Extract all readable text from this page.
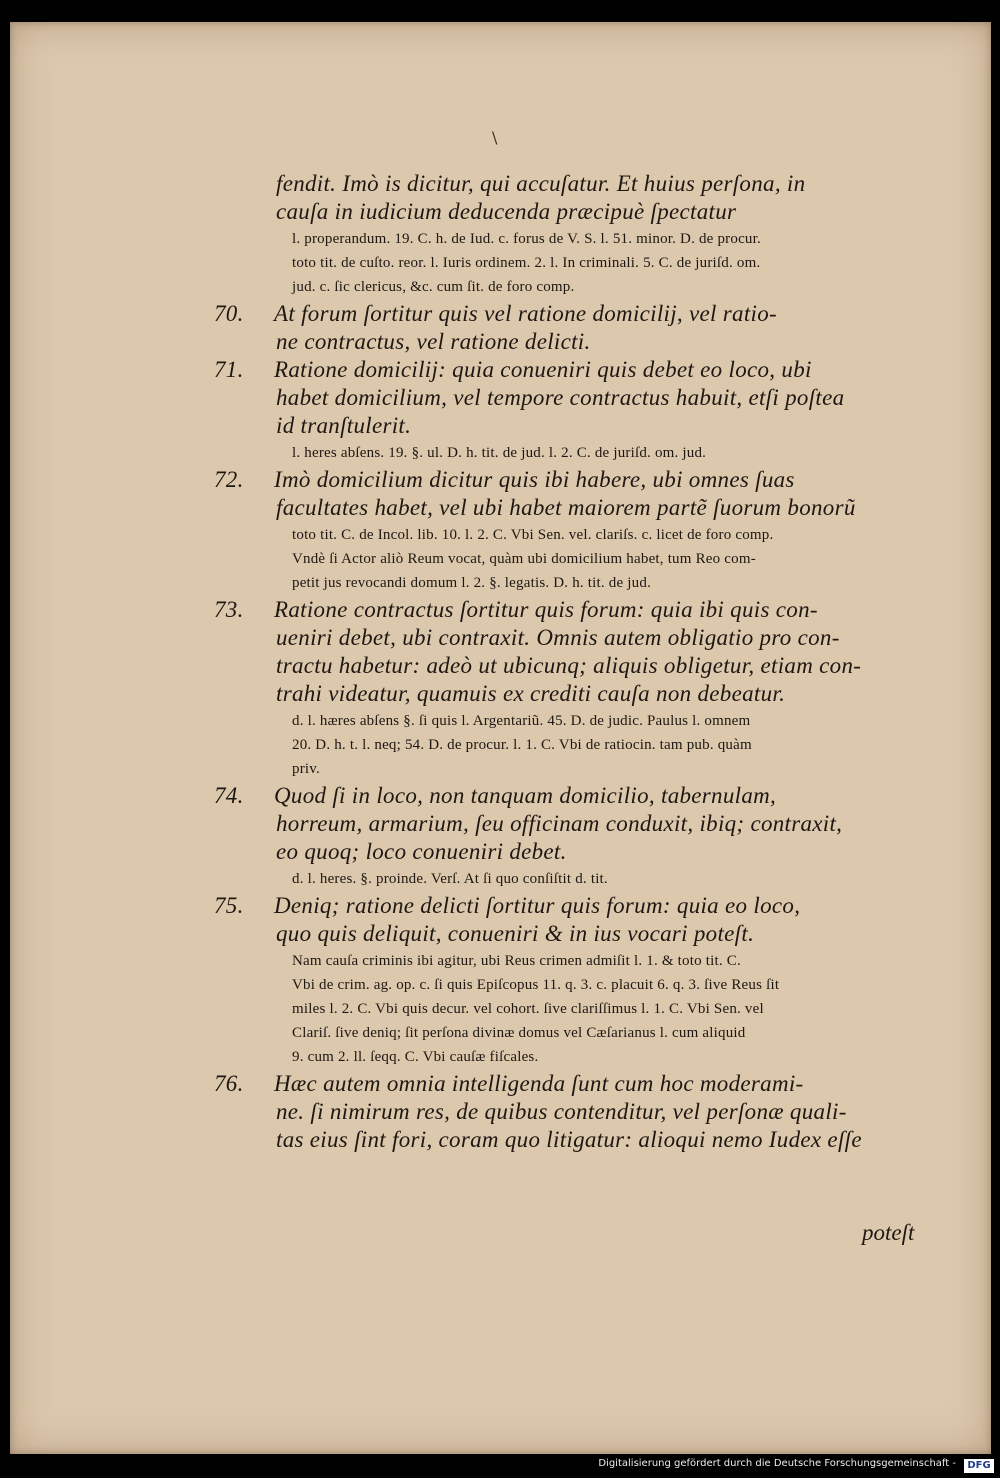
\
fendit. Imò is dicitur, qui accuſatur. Et huius perſona, in
cauſa in iudicium deducenda præcipuè ſpectatur
l. properandum. 19. C. h. de Iud. c. forus de V. S. l. 51. minor. D. de procur.
toto tit. de cuſto. reor. l. Iuris ordinem. 2. l. In criminali. 5. C. de juriſd. om.
jud. c. ſic clericus, &c. cum ſit. de foro comp.
70. At forum ſortitur quis vel ratione domicilij, vel ratio-
ne contractus, vel ratione delicti.
71. Ratione domicilij: quia conueniri quis debet eo loco, ubi
habet domicilium, vel tempore contractus habuit, etſi poſtea
id tranſtulerit.
l. heres abſens. 19. §. ul. D. h. tit. de jud. l. 2. C. de juriſd. om. jud.
72. Imò domicilium dicitur quis ibi habere, ubi omnes ſuas
facultates habet, vel ubi habet maiorem partẽ ſuorum bonorũ
toto tit. C. de Incol. lib. 10. l. 2. C. Vbi Sen. vel. clariſs. c. licet de foro comp.
Vndè ſi Actor aliò Reum vocat, quàm ubi domicilium habet, tum Reo com-
petit jus revocandi domum l. 2. §. legatis. D. h. tit. de jud.
73. Ratione contractus ſortitur quis forum: quia ibi quis con-
ueniri debet, ubi contraxit. Omnis autem obligatio pro con-
tractu habetur: adeò ut ubicunq; aliquis obligetur, etiam con-
trahi videatur, quamuis ex crediti cauſa non debeatur.
d. l. hæres abſens §. ſi quis l. Argentariũ. 45. D. de judic. Paulus l. omnem
20. D. h. t. l. neq; 54. D. de procur. l. 1. C. Vbi de ratiocin. tam pub. quàm
priv.
74. Quod ſi in loco, non tanquam domicilio, tabernulam,
horreum, armarium, ſeu officinam conduxit, ibiq; contraxit,
eo quoq; loco conueniri debet.
d. l. heres. §. proinde. Verſ. At ſi quo conſiſtit d. tit.
75. Deniq; ratione delicti ſortitur quis forum: quia eo loco,
quo quis deliquit, conueniri & in ius vocari poteſt.
Nam cauſa criminis ibi agitur, ubi Reus crimen admiſit l. 1. & toto tit. C.
Vbi de crim. ag. op. c. ſi quis Epiſcopus 11. q. 3. c. placuit 6. q. 3. ſive Reus ſit
miles l. 2. C. Vbi quis decur. vel cohort. ſive clariſſimus l. 1. C. Vbi Sen. vel
Clariſ. ſive deniq; ſit perſona divinæ domus vel Cæſarianus l. cum aliquid
9. cum 2. ll. ſeqq. C. Vbi cauſæ fiſcales.
76. Hæc autem omnia intelligenda ſunt cum hoc moderami-
ne. ſi nimirum res, de quibus contenditur, vel perſonæ quali-
tas eius ſint fori, coram quo litigatur: alioqui nemo Iudex eſſe
poteſt
Digitalisierung gefördert durch die Deutsche Forschungsgemeinschaft -	DFG
